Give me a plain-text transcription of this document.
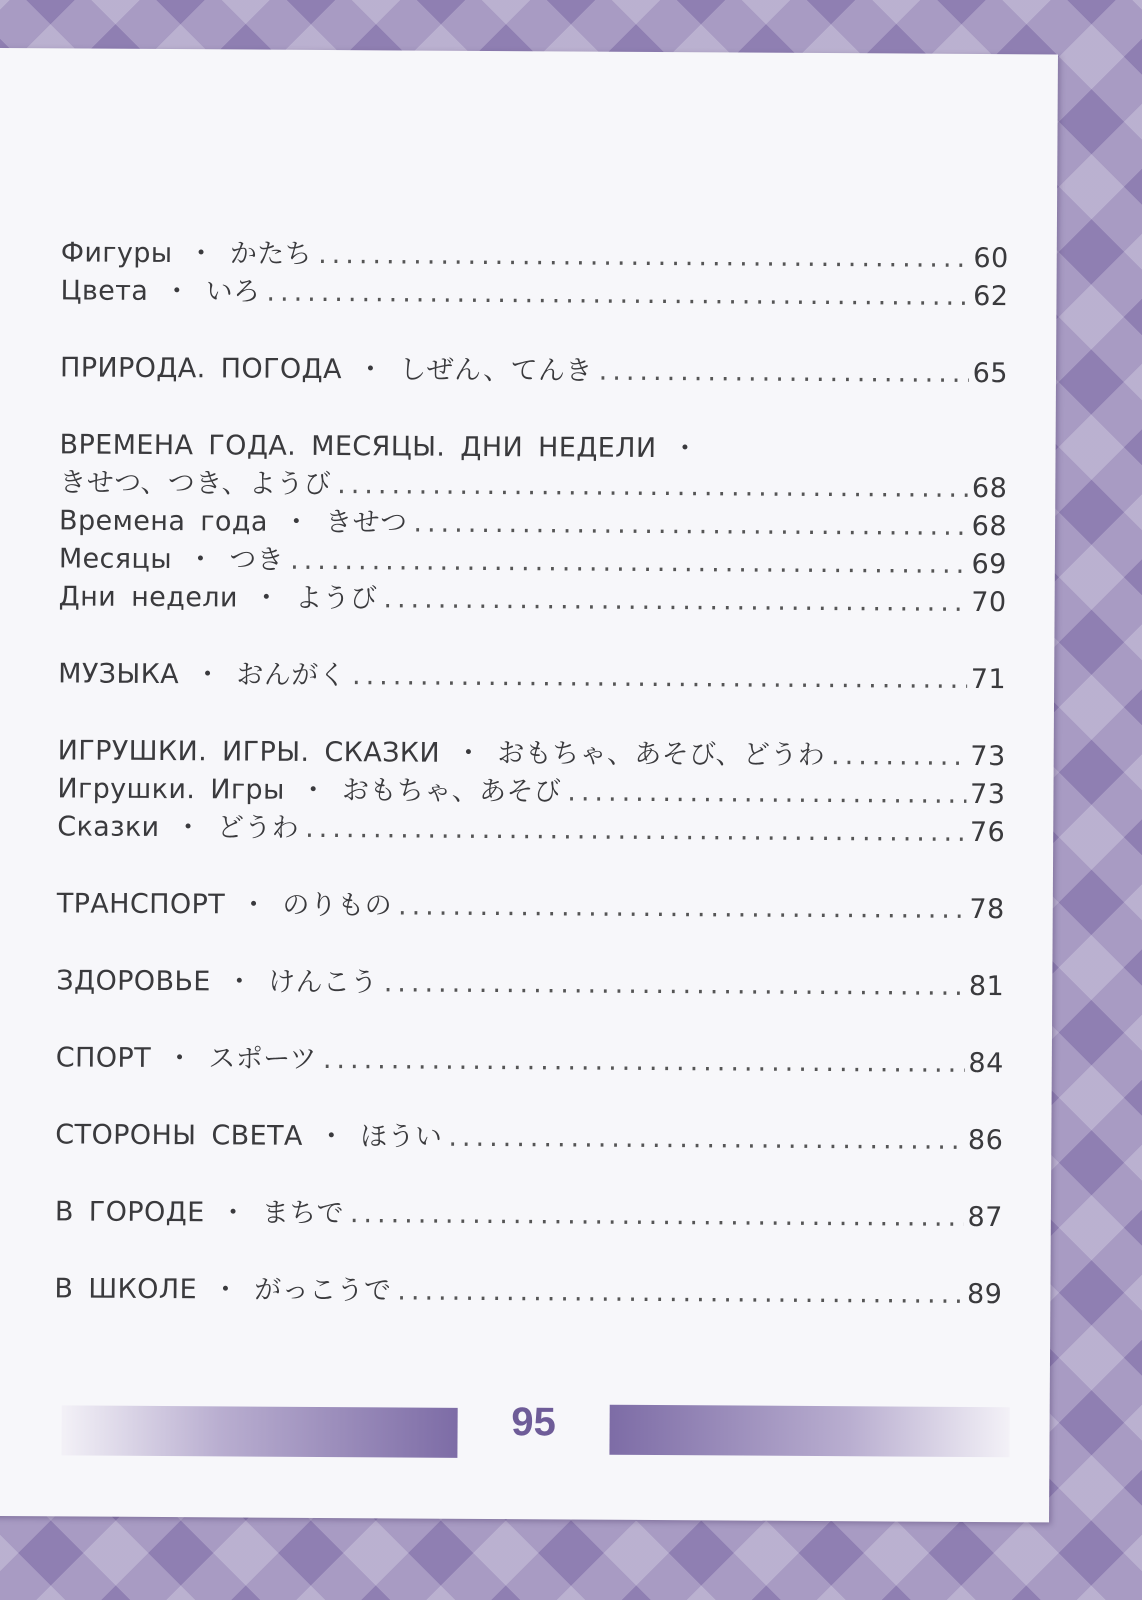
Фигуры ・ かたち .....	60
Цвета ・ いろ .....	62
ПРИРОДА. ПОГОДА ・ しぜん、てんき .....	65
ВРЕМЕНА ГОДА. МЕСЯЦЫ. ДНИ НЕДЕЛИ ・
きせつ、つき、ようび .....	68
Времена года ・ きせつ .....	68
Месяцы ・ つき .....	69
Дни недели ・ ようび .....	70
МУЗЫКА ・ おんがく .....	71
ИГРУШКИ. ИГРЫ. СКАЗКИ ・ おもちゃ、あそび、どうわ .....	73
Игрушки. Игры ・ おもちゃ、あそび .....	73
Сказки ・ どうわ .....	76
ТРАНСПОРТ ・ のりもの .....	78
ЗДОРОВЬЕ ・ けんこう .....	81
СПОРТ ・ スポーツ .....	84
СТОРОНЫ СВЕТА ・ ほうい .....	86
В ГОРОДЕ ・ まちで .....	87
В ШКОЛЕ ・ がっこうで .....	89
95
